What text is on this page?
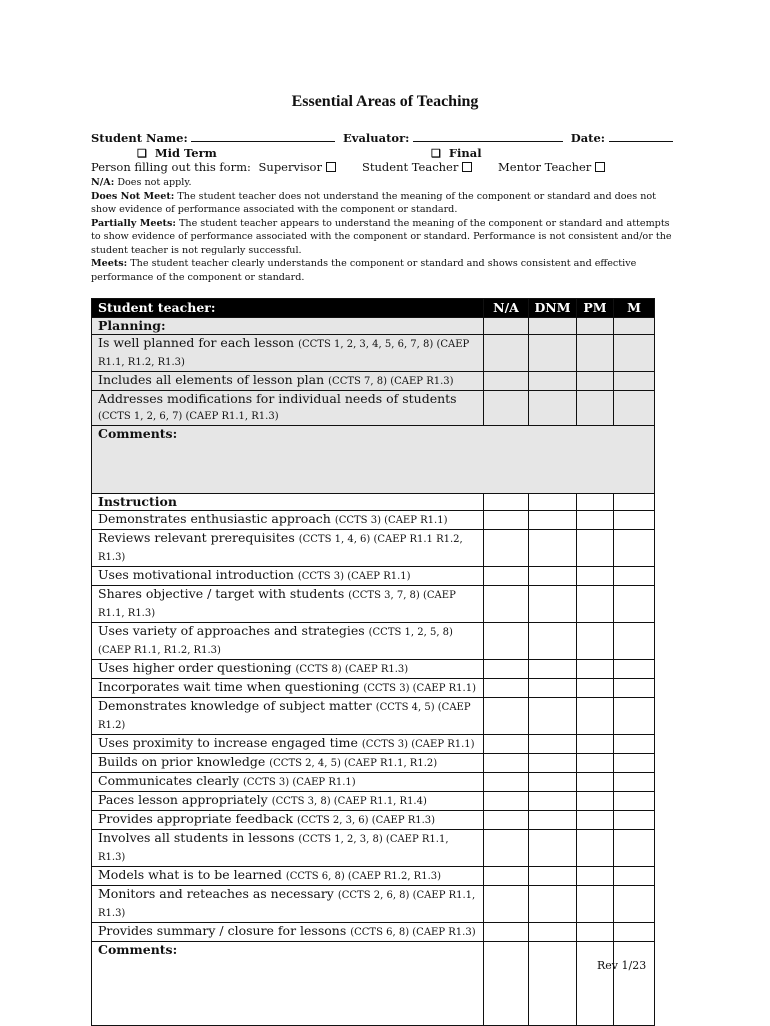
Essential Areas of Teaching
Student Name:	Evaluator:	Date:
❑ Mid Term	❑ Final
Person filling out this form: Supervisor	Student Teacher	Mentor Teacher

N/A: Does not apply.

Does Not Meet: The student teacher does not understand the meaning of the component or standard and does not show evidence of performance associated with the component or standard.

Partially Meets: The student teacher appears to understand the meaning of the component or standard and attempts to show evidence of performance associated with the component or standard. Performance is not consistent and/or the student teacher is not regularly successful.

Meets: The student teacher clearly understands the component or standard and shows consistent and effective performance of the component or standard.

Student teacher:	N/A	DNM	PM	M
Planning:				
Is well planned for each lesson (CCTS 1, 2, 3, 4, 5, 6, 7, 8) (CAEP R1.1, R1.2, R1.3)				
Includes all elements of lesson plan (CCTS 7, 8) (CAEP R1.3)				
Addresses modifications for individual needs of students (CCTS 1, 2, 6, 7) (CAEP R1.1, R1.3)				
Comments:				
Instruction				
Demonstrates enthusiastic approach (CCTS 3) (CAEP R1.1)				
Reviews relevant prerequisites (CCTS 1, 4, 6) (CAEP R1.1 R1.2, R1.3)				
Uses motivational introduction (CCTS 3) (CAEP R1.1)				
Shares objective / target with students (CCTS 3, 7, 8) (CAEP R1.1, R1.3)				
Uses variety of approaches and strategies (CCTS 1, 2, 5, 8) (CAEP R1.1, R1.2, R1.3)				
Uses higher order questioning (CCTS 8) (CAEP R1.3)				
Incorporates wait time when questioning (CCTS 3) (CAEP R1.1)				
Demonstrates knowledge of subject matter (CCTS 4, 5) (CAEP R1.2)				
Uses proximity to increase engaged time (CCTS 3) (CAEP R1.1)				
Builds on prior knowledge (CCTS 2, 4, 5) (CAEP R1.1, R1.2)				
Communicates clearly (CCTS 3) (CAEP R1.1)				
Paces lesson appropriately (CCTS 3, 8) (CAEP R1.1, R1.4)				
Provides appropriate feedback (CCTS 2, 3, 6) (CAEP R1.3)				
Involves all students in lessons (CCTS 1, 2, 3, 8) (CAEP R1.1, R1.3)				
Models what is to be learned (CCTS 6, 8) (CAEP R1.2, R1.3)				
Monitors and reteaches as necessary (CCTS 2, 6, 8) (CAEP R1.1, R1.3)				
Provides summary / closure for lessons (CCTS 6, 8) (CAEP R1.3)				
Comments:				
Rev 1/23
